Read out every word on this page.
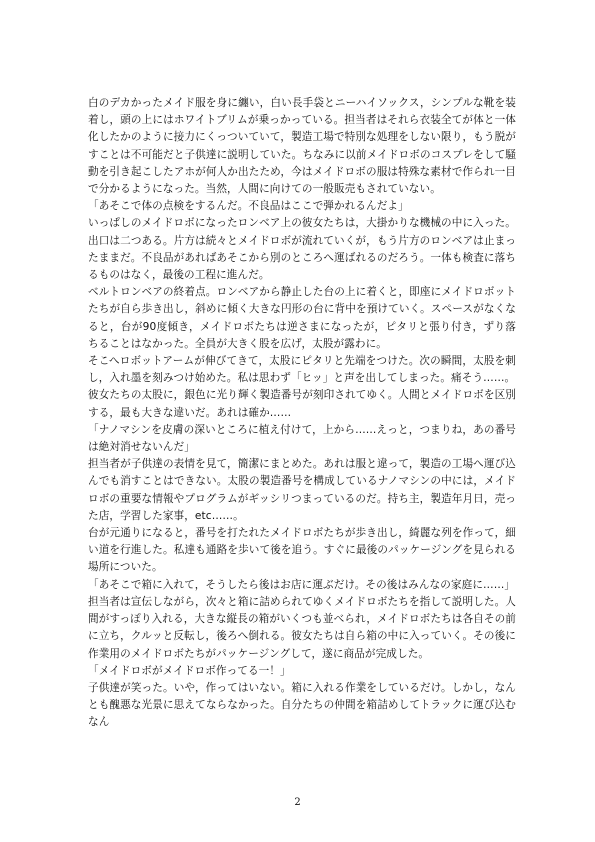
白のデカかったメイド服を身に纏い，白い長手袋とニーハイソックス，シンプルな靴を装着し，頭の上にはホワイトブリムが乗っかっている。担当者はそれら衣装全てが体と一体化したかのように接力にくっついていて，製造工場で特別な処理をしない限り，もう脱がすことは不可能だと子供達に説明していた。ちなみに以前メイドロボのコスプレをして騒動を引き起こしたアホが何人か出たため，今はメイドロボの服は特殊な素材で作られ一目で分かるようになった。当然，人間に向けての一般販売もされていない。

「あそこで体の点検をするんだ。不良品はここで弾かれるんだよ」

いっぱしのメイドロボになったロンベア上の彼女たちは，大掛かりな機械の中に入った。出口は二つある。片方は続々とメイドロボが流れていくが，もう片方のロンベアは止まったままだ。不良品があればあそこから別のところへ運ばれるのだろう。一体も検査に落ちるものはなく，最後の工程に進んだ。

ベルトロンベアの終着点。ロンベアから静止した台の上に着くと，即座にメイドロボットたちが自ら歩き出し，斜めに傾く大きな円形の台に背中を預けていく。スペースがなくなると，台が90度傾き，メイドロボたちは逆さまになったが，ピタリと張り付き，ずり落ちることはなかった。全員が大きく股を広げ，太股が露わに。

そこへロボットアームが伸びてきて，太股にピタリと先端をつけた。次の瞬間，太股を刺し，入れ墨を刻みつけ始めた。私は思わず「ヒッ」と声を出してしまった。痛そう……。

彼女たちの太股に，銀色に光り輝く製造番号が刻印されてゆく。人間とメイドロボを区別する，最も大きな違いだ。あれは確か……

「ナノマシンを皮膚の深いところに植え付けて，上から……えっと，つまりね，あの番号は絶対消せないんだ」

担当者が子供達の表情を見て，簡潔にまとめた。あれは服と違って，製造の工場へ運び込んでも消すことはできない。太股の製造番号を構成しているナノマシンの中には，メイドロボの重要な情報やプログラムがギッシリつまっているのだ。持ち主，製造年月日，売った店，学習した家事，etc……。

台が元通りになると，番号を打たれたメイドロボたちが歩き出し，綺麗な列を作って，細い道を行進した。私達も通路を歩いて後を追う。すぐに最後のパッケージングを見られる場所についた。

「あそこで箱に入れて，そうしたら後はお店に運ぶだけ。その後はみんなの家庭に……」

担当者は宣伝しながら，次々と箱に詰められてゆくメイドロボたちを指して説明した。人間がすっぽり入れる，大きな縦長の箱がいくつも並べられ，メイドロボたちは各自その前に立ち，クルッと反転し，後ろへ倒れる。彼女たちは自ら箱の中に入っていく。その後に作業用のメイドロボたちがパッケージングして，遂に商品が完成した。

「メイドロボがメイドロボ作ってる一！」

子供達が笑った。いや，作ってはいない。箱に入れる作業をしているだけ。しかし，なんとも醜悪な光景に思えてならなかった。自分たちの仲間を箱詰めしてトラックに運び込むなん

2
